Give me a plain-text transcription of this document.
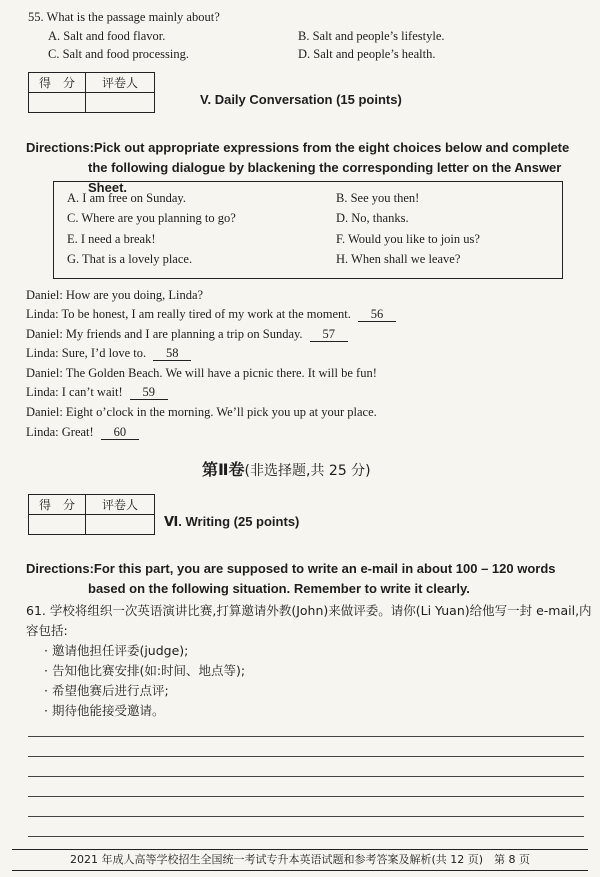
55. What is the passage mainly about?
A. Salt and food flavor.	B. Salt and people’s lifestyle.
C. Salt and food processing.	D. Salt and people’s health.
得　分	评卷人

V. Daily Conversation (15 points)
Directions: Pick out appropriate expressions from the eight choices below and complete the following dialogue by blackening the corresponding letter on the Answer Sheet.
A. I am free on Sunday.	B. See you then!
C. Where are you planning to go?	D. No, thanks.
E. I need a break!	F. Would you like to join us?
G. That is a lovely place.	H. When shall we leave?
Daniel: How are you doing, Linda?
Linda: To be honest, I am really tired of my work at the moment. 56
Daniel: My friends and I are planning a trip on Sunday. 57
Linda: Sure, I’d love to. 58
Daniel: The Golden Beach. We will have a picnic there. It will be fun!
Linda: I can’t wait! 59
Daniel: Eight o’clock in the morning. We’ll pick you up at your place.
Linda: Great! 60
第Ⅱ卷(非选择题,共 25 分)
得　分	评卷人

Ⅵ. Writing (25 points)
Directions: For this part, you are supposed to write an e-mail in about 100 – 120 words based on the following situation. Remember to write it clearly.
61. 学校将组织一次英语演讲比赛,打算邀请外教(John)来做评委。请你(Li Yuan)给他写一封 e-mail,内容包括:
· 邀请他担任评委(judge);
· 告知他比赛安排(如:时间、地点等);
· 希望他赛后进行点评;
· 期待他能接受邀请。
2021 年成人高等学校招生全国统一考试专升本英语试题和参考答案及解析(共 12 页)　第 8 页
